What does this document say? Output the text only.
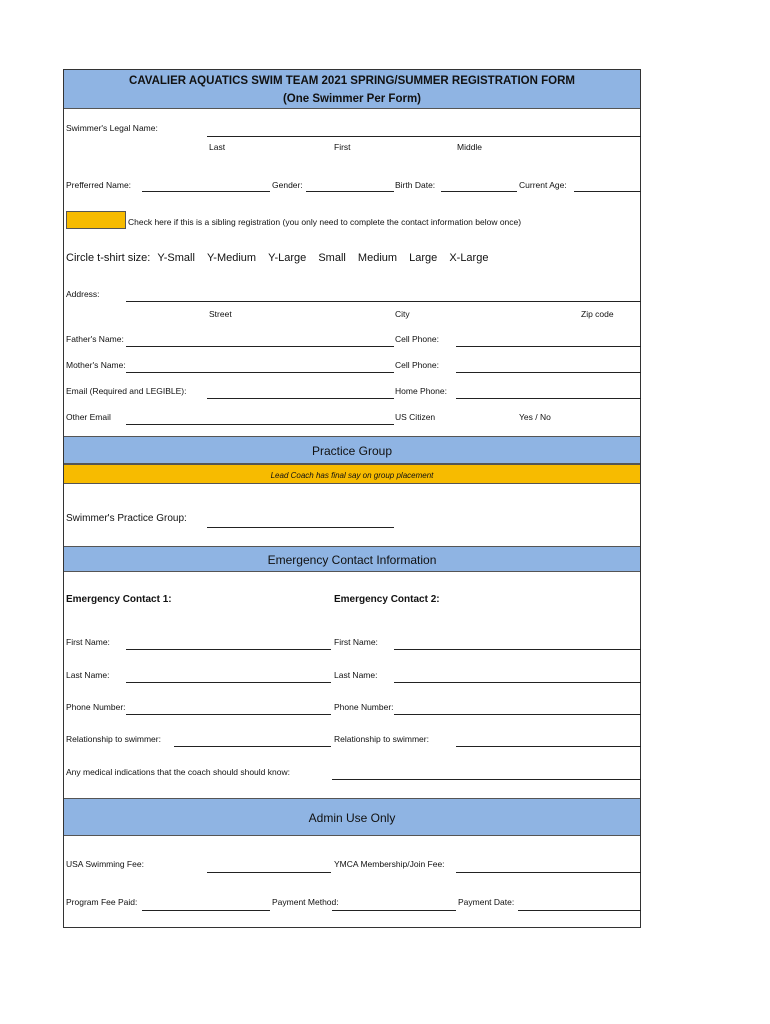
CAVALIER AQUATICS SWIM TEAM 2021 SPRING/SUMMER REGISTRATION FORM
(One Swimmer Per Form)
Swimmer's Legal Name:
Last	First	Middle
Prefferred Name:	Gender:	Birth Date:	Current Age:
Check here if this is a sibling registration (you only need to complete the contact information below once)
Circle t-shirt size: Y-Small Y-Medium Y-Large Small Medium Large X-Large
Address:
Street	City	Zip code
Father's Name:	Cell Phone:
Mother's Name:	Cell Phone:
Email (Required and LEGIBLE):	Home Phone:
Other Email	US Citizen	Yes / No
Practice Group
Lead Coach has final say on group placement
Swimmer's Practice Group:
Emergency Contact Information
Emergency Contact 1:	Emergency Contact 2:
First Name:	First Name:
Last Name:	Last Name:
Phone Number:	Phone Number:
Relationship to swimmer:	Relationship to swimmer:
Any medical indications that the coach should should know:
Admin Use Only
USA Swimming Fee:	YMCA Membership/Join Fee:
Program Fee Paid:	Payment Method:	Payment Date:
